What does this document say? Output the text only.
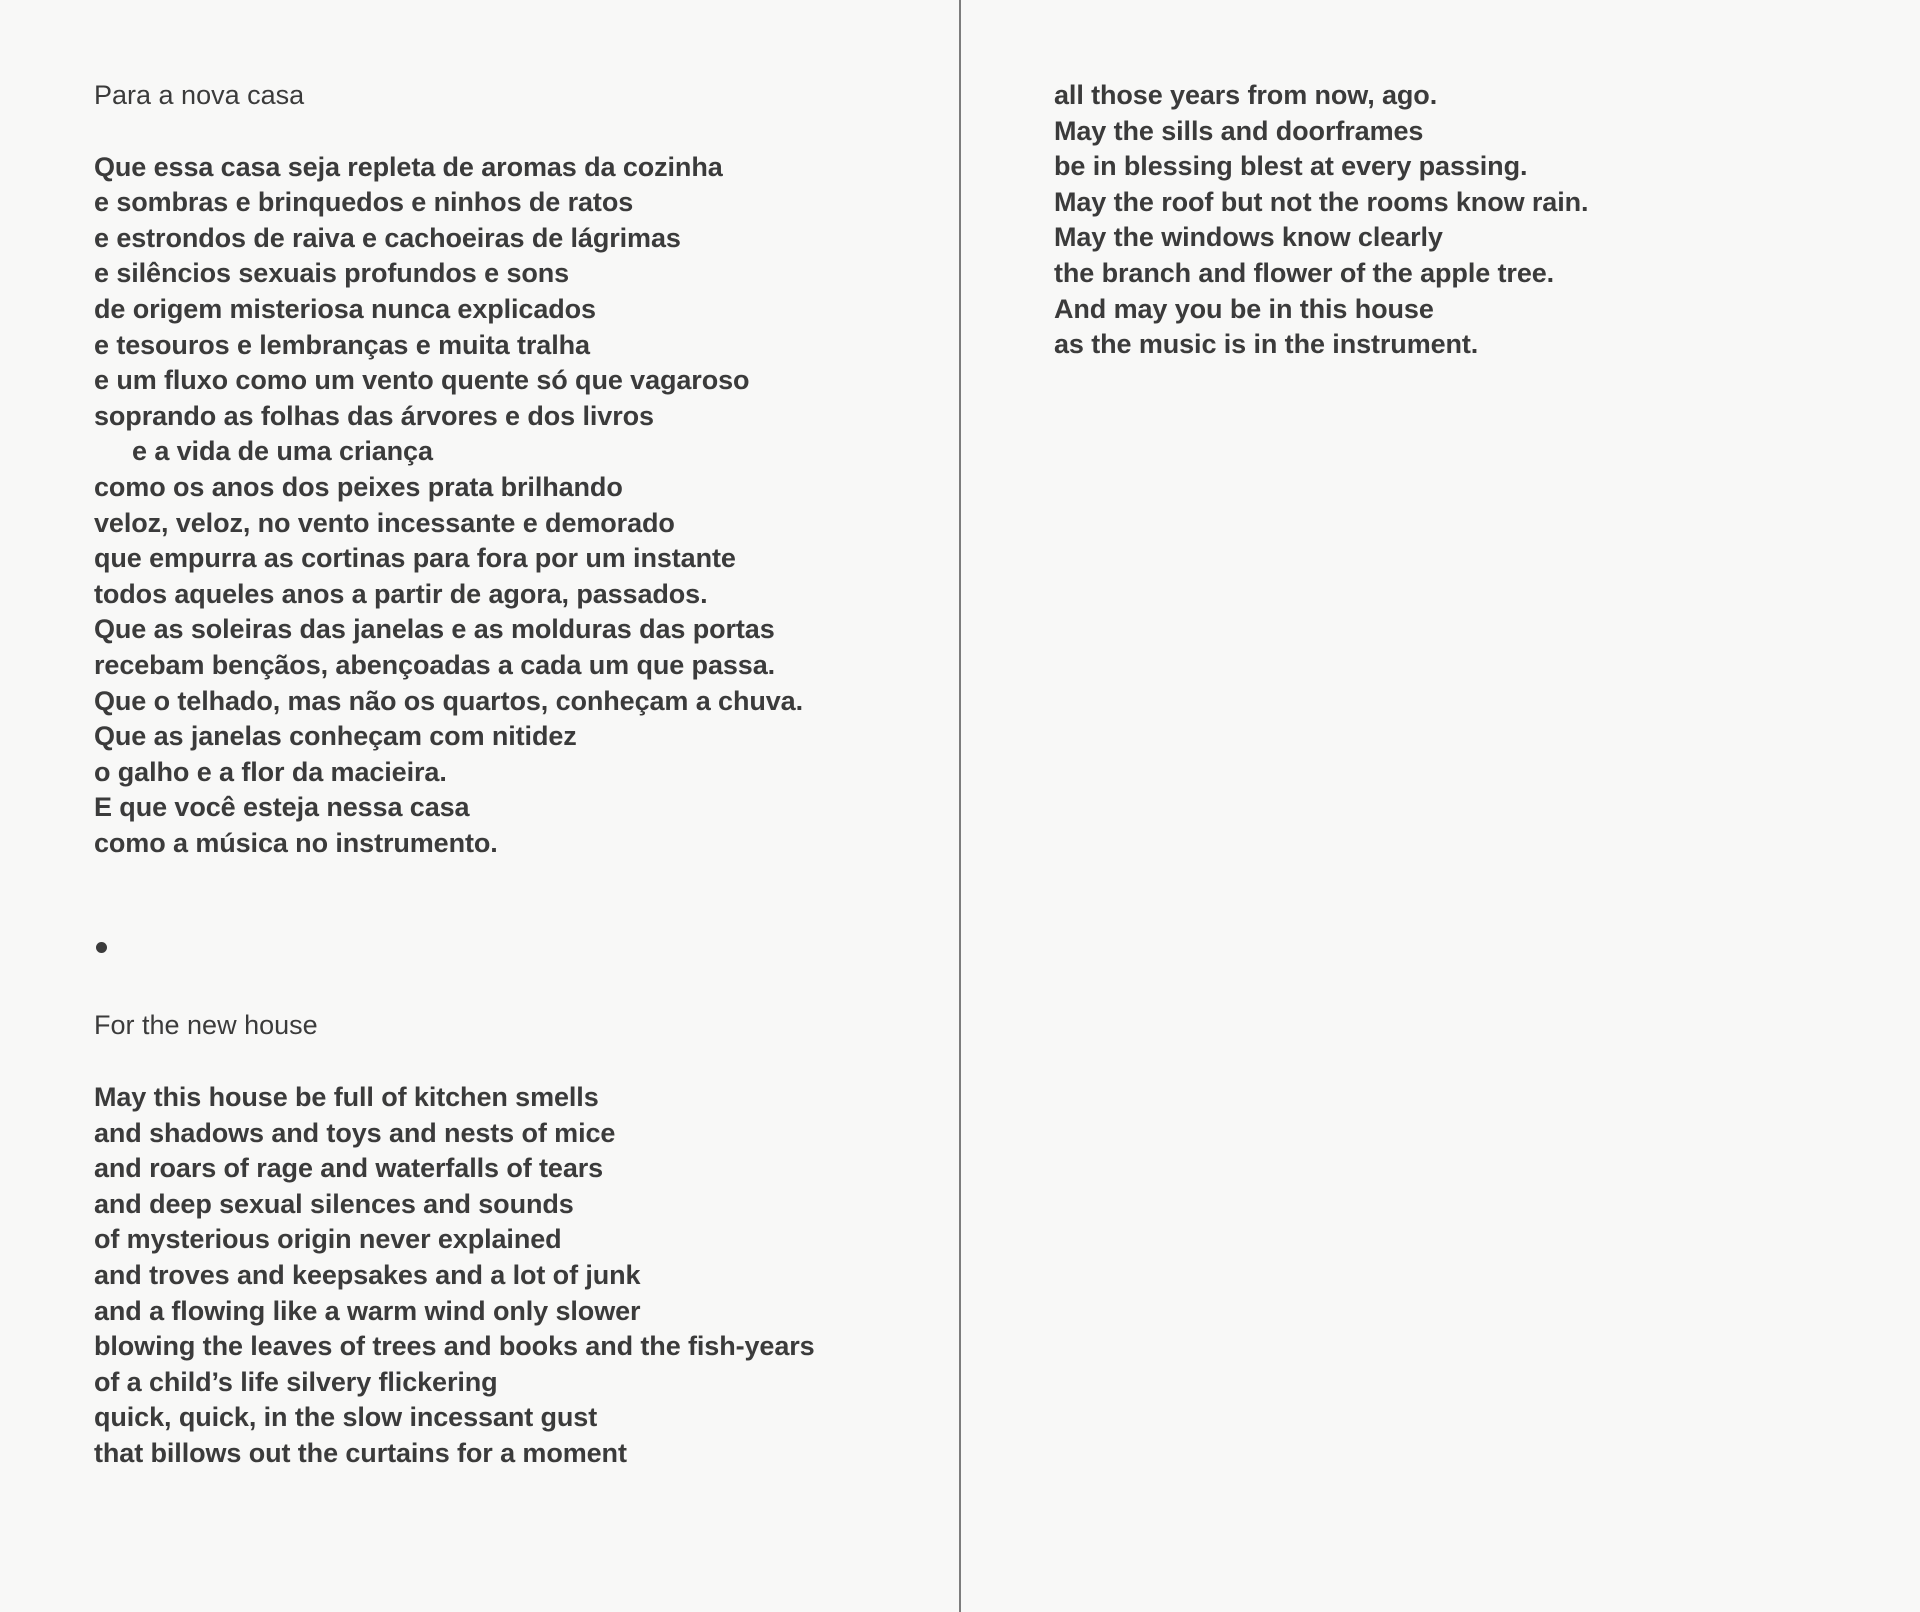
Para a nova casa
Que essa casa seja repleta de aromas da cozinha
e sombras e brinquedos e ninhos de ratos
e estrondos de raiva e cachoeiras de lágrimas
e silêncios sexuais profundos e sons
de origem misteriosa nunca explicados
e tesouros e lembranças e muita tralha
e um fluxo como um vento quente só que vagaroso
soprando as folhas das árvores e dos livros
e a vida de uma criança
como os anos dos peixes prata brilhando
veloz, veloz, no vento incessante e demorado
que empurra as cortinas para fora por um instante
todos aqueles anos a partir de agora, passados.
Que as soleiras das janelas e as molduras das portas
recebam bençãos, abençoadas a cada um que passa.
Que o telhado, mas não os quartos, conheçam a chuva.
Que as janelas conheçam com nitidez
o galho e a flor da macieira.
E que você esteja nessa casa
como a música no instrumento.
For the new house
May this house be full of kitchen smells
and shadows and toys and nests of mice
and roars of rage and waterfalls of tears
and deep sexual silences and sounds
of mysterious origin never explained
and troves and keepsakes and a lot of junk
and a flowing like a warm wind only slower
blowing the leaves of trees and books and the fish-years
of a child’s life silvery flickering
quick, quick, in the slow incessant gust
that billows out the curtains for a moment
all those years from now, ago.
May the sills and doorframes
be in blessing blest at every passing.
May the roof but not the rooms know rain.
May the windows know clearly
the branch and flower of the apple tree.
And may you be in this house
as the music is in the instrument.
